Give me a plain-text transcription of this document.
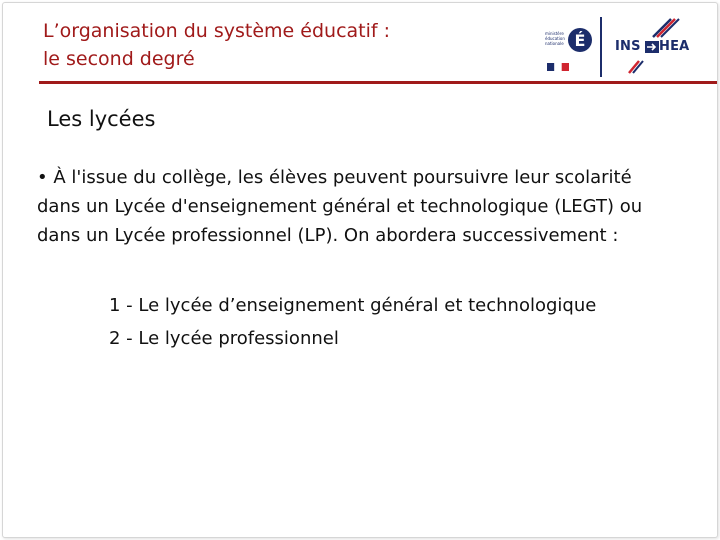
L’organisation du système éducatif :
le second degré
ministère
éducation
nationale É INS HEA
Les lycées
• À l'issue du collège, les élèves peuvent poursuivre leur scolarité
dans un Lycée d'enseignement général et technologique (LEGT) ou
dans un Lycée professionnel (LP). On abordera successivement :
1 - Le lycée d’enseignement général et technologique
2 - Le lycée professionnel
